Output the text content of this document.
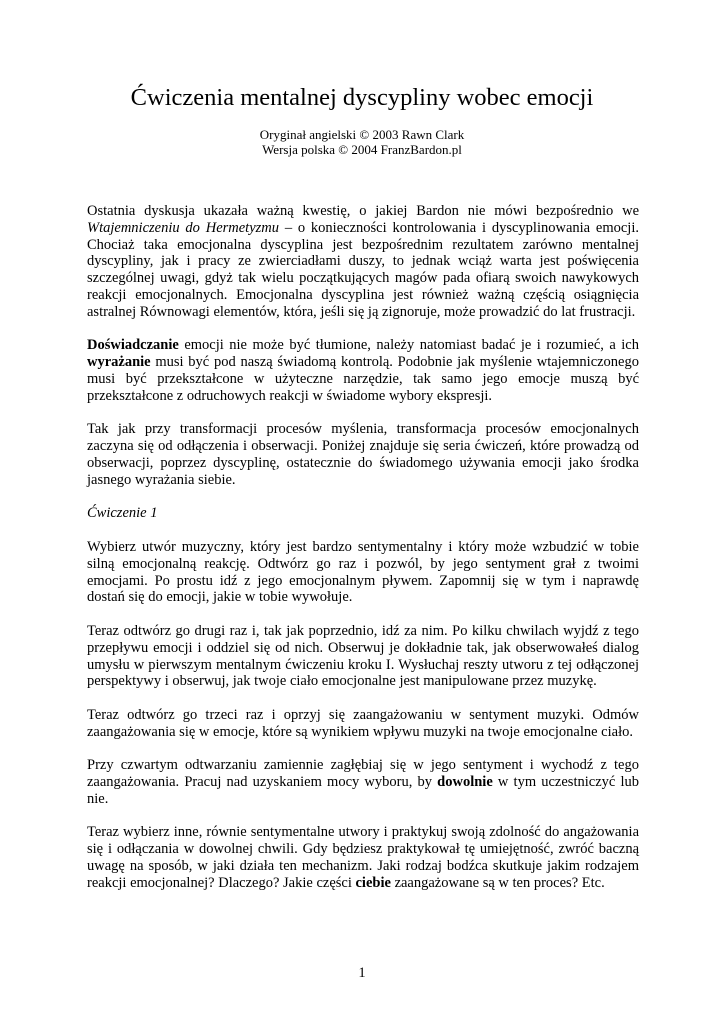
Ćwiczenia mentalnej dyscypliny wobec emocji
Oryginał angielski © 2003 Rawn Clark
Wersja polska © 2004 FranzBardon.pl

Ostatnia dyskusja ukazała ważną kwestię, o jakiej Bardon nie mówi bezpośrednio we Wtajemniczeniu do Hermetyzmu – o konieczności kontrolowania i dyscyplinowania emocji. Chociaż taka emocjonalna dyscyplina jest bezpośrednim rezultatem zarówno mentalnej dyscypliny, jak i pracy ze zwierciadłami duszy, to jednak wciąż warta jest poświęcenia szczególnej uwagi, gdyż tak wielu początkujących magów pada ofiarą swoich nawykowych reakcji emocjonalnych. Emocjonalna dyscyplina jest również ważną częścią osiągnięcia astralnej Równowagi elementów, która, jeśli się ją zignoruje, może prowadzić do lat frustracji.

Doświadczanie emocji nie może być tłumione, należy natomiast badać je i rozumieć, a ich wyrażanie musi być pod naszą świadomą kontrolą. Podobnie jak myślenie wtajemniczonego musi być przekształcone w użyteczne narzędzie, tak samo jego emocje muszą być przekształcone z odruchowych reakcji w świadome wybory ekspresji.

Tak jak przy transformacji procesów myślenia, transformacja procesów emocjonalnych zaczyna się od odłączenia i obserwacji. Poniżej znajduje się seria ćwiczeń, które prowadzą od obserwacji, poprzez dyscyplinę, ostatecznie do świadomego używania emocji jako środka jasnego wyrażania siebie.

Ćwiczenie 1

Wybierz utwór muzyczny, który jest bardzo sentymentalny i który może wzbudzić w tobie silną emocjonalną reakcję. Odtwórz go raz i pozwól, by jego sentyment grał z twoimi emocjami. Po prostu idź z jego emocjonalnym pływem. Zapomnij się w tym i naprawdę dostań się do emocji, jakie w tobie wywołuje.

Teraz odtwórz go drugi raz i, tak jak poprzednio, idź za nim. Po kilku chwilach wyjdź z tego przepływu emocji i oddziel się od nich. Obserwuj je dokładnie tak, jak obserwowałeś dialog umysłu w pierwszym mentalnym ćwiczeniu kroku I. Wysłuchaj reszty utworu z tej odłączonej perspektywy i obserwuj, jak twoje ciało emocjonalne jest manipulowane przez muzykę.

Teraz odtwórz go trzeci raz i oprzyj się zaangażowaniu w sentyment muzyki. Odmów zaangażowania się w emocje, które są wynikiem wpływu muzyki na twoje emocjonalne ciało.

Przy czwartym odtwarzaniu zamiennie zagłębiaj się w jego sentyment i wychodź z tego zaangażowania. Pracuj nad uzyskaniem mocy wyboru, by dowolnie w tym uczestniczyć lub nie.

Teraz wybierz inne, równie sentymentalne utwory i praktykuj swoją zdolność do angażowania się i odłączania w dowolnej chwili. Gdy będziesz praktykował tę umiejętność, zwróć baczną uwagę na sposób, w jaki działa ten mechanizm. Jaki rodzaj bodźca skutkuje jakim rodzajem reakcji emocjonalnej? Dlaczego? Jakie części ciebie zaangażowane są w ten proces? Etc.

1
